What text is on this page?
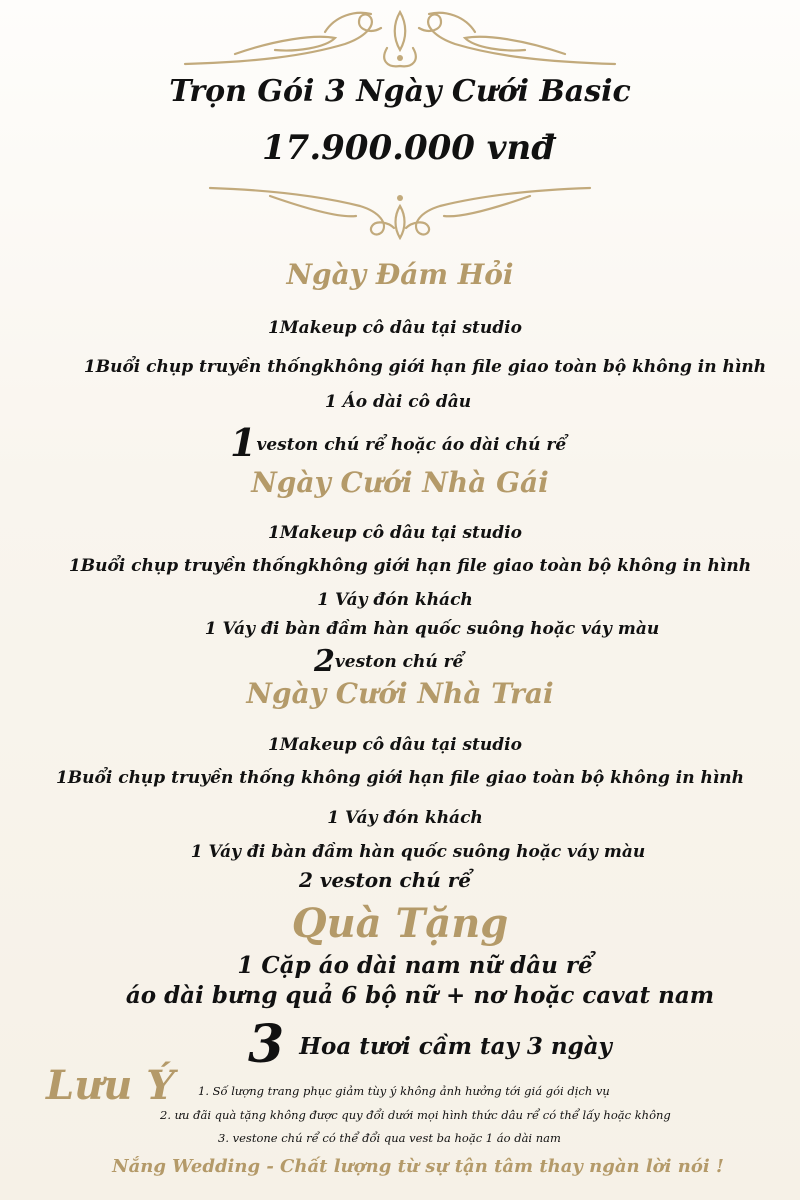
Trọn Gói 3 Ngày Cưới Basic
17.900.000 vnđ
Ngày Đám Hỏi
1Makeup cô dâu tại studio
1Buổi chụp truyền thốngkhông giới hạn file giao toàn bộ không in hình
1 Áo dài cô dâu
1veston chú rể hoặc áo dài chú rể
Ngày Cưới Nhà Gái
1Makeup cô dâu tại studio
1Buổi chụp truyền thốngkhông giới hạn file giao toàn bộ không in hình
1 Váy đón khách
1 Váy đi bàn đầm hàn quốc suông hoặc váy màu
2veston chú rể
Ngày Cưới Nhà Trai
1Makeup cô dâu tại studio
1Buổi chụp truyền thống không giới hạn file giao toàn bộ không in hình
1 Váy đón khách
1 Váy đi bàn đầm hàn quốc suông hoặc váy màu
2 veston chú rể
Quà Tặng
1 Cặp áo dài nam nữ dâu rể
áo dài bưng quả 6 bộ nữ + nơ hoặc cavat nam
3 Hoa tươi cầm tay 3 ngày
Lưu Ý 1. Số lượng trang phục giảm tùy ý không ảnh hưởng tới giá gói dịch vụ
2. ưu đãi quà tặng không được quy đổi dưới mọi hình thức dâu rể có thể lấy hoặc không
3. vestone chú rể có thể đổi qua vest ba hoặc 1 áo dài nam
Nắng Wedding - Chất lượng từ sự tận tâm thay ngàn lời nói !
